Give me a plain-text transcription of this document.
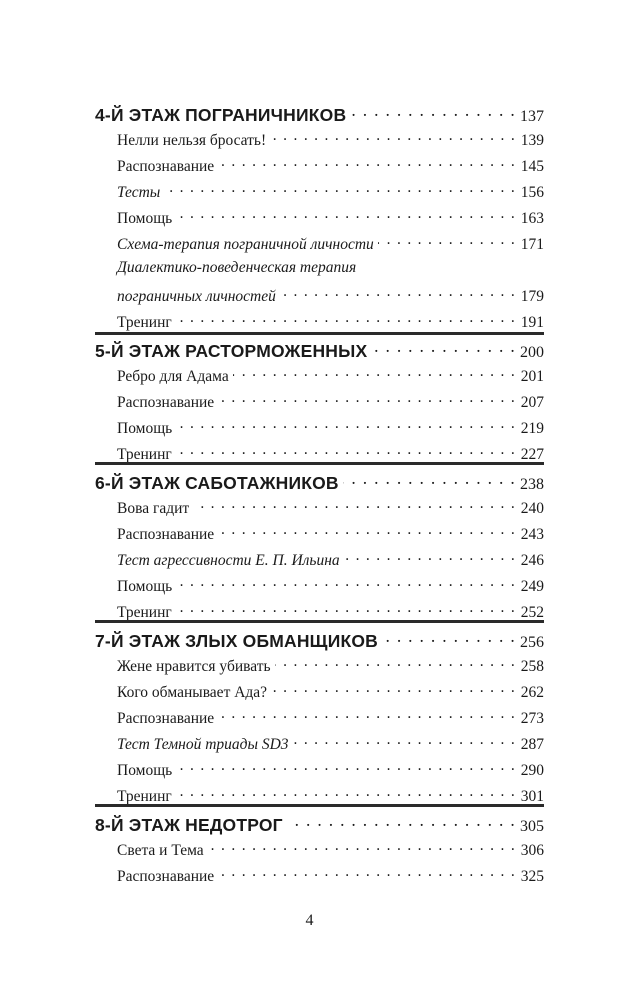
4-Й ЭТАЖ ПОГРАНИЧНИКОВ . . .	137
Нелли нельзя бросать! . . .	139
Распознавание . . .	145
Тесты . . .	156
Помощь . . .	163
Схема-терапия пограничной личности . . .	171
Диалектико-поведенческая терапия
пограничных личностей . . .	179
Тренинг . . .	191
5-Й ЭТАЖ РАСТОРМОЖЕННЫХ . . .	200
Ребро для Адама . . .	201
Распознавание . . .	207
Помощь . . .	219
Тренинг . . .	227
6-Й ЭТАЖ САБОТАЖНИКОВ . . .	238
Вова гадит . . .	240
Распознавание . . .	243
Тест агрессивности Е. П. Ильина . . .	246
Помощь . . .	249
Тренинг . . .	252
7-Й ЭТАЖ ЗЛЫХ ОБМАНЩИКОВ . . .	256
Жене нравится убивать . . .	258
Кого обманывает Ада? . . .	262
Распознавание . . .	273
Тест Темной триады SD3 . . .	287
Помощь . . .	290
Тренинг . . .	301
8-Й ЭТАЖ НЕДОТРОГ . . .	305
Света и Тема . . .	306
Распознавание . . .	325
4
